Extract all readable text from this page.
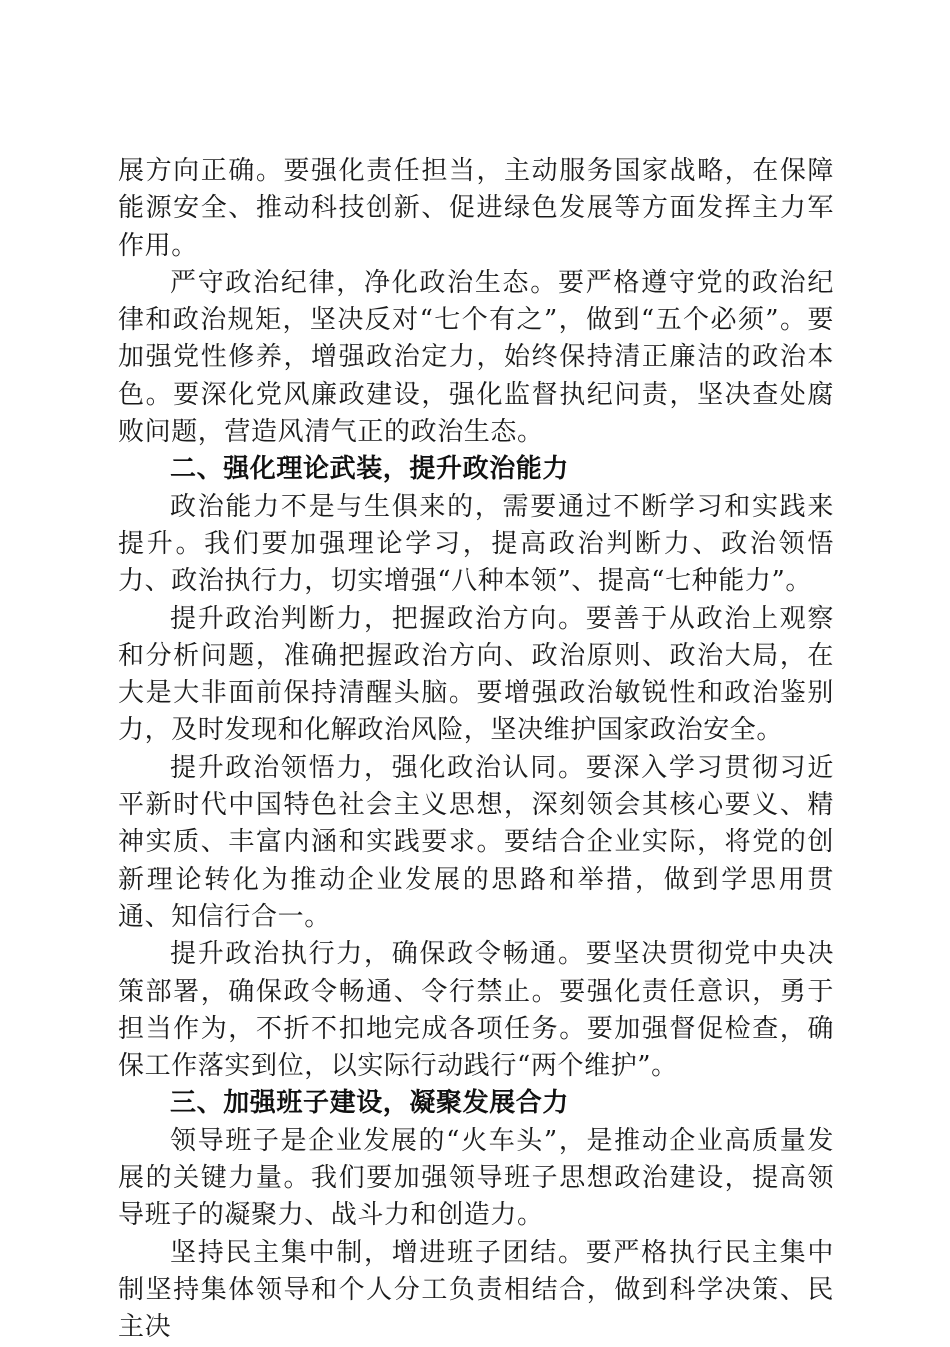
展方向正确。要强化责任担当，主动服务国家战略，在保障能源安全、推动科技创新、促进绿色发展等方面发挥主力军作用。

严守政治纪律，净化政治生态。要严格遵守党的政治纪律和政治规矩，坚决反对“七个有之”，做到“五个必须”。要加强党性修养，增强政治定力，始终保持清正廉洁的政治本色。要深化党风廉政建设，强化监督执纪问责，坚决查处腐败问题，营造风清气正的政治生态。

二、强化理论武装，提升政治能力

政治能力不是与生俱来的，需要通过不断学习和实践来提升。我们要加强理论学习，提高政治判断力、政治领悟力、政治执行力，切实增强“八种本领”、提高“七种能力”。

提升政治判断力，把握政治方向。要善于从政治上观察和分析问题，准确把握政治方向、政治原则、政治大局，在大是大非面前保持清醒头脑。要增强政治敏锐性和政治鉴别力，及时发现和化解政治风险，坚决维护国家政治安全。

提升政治领悟力，强化政治认同。要深入学习贯彻习近平新时代中国特色社会主义思想，深刻领会其核心要义、精神实质、丰富内涵和实践要求。要结合企业实际，将党的创新理论转化为推动企业发展的思路和举措，做到学思用贯通、知信行合一。

提升政治执行力，确保政令畅通。要坚决贯彻党中央决策部署，确保政令畅通、令行禁止。要强化责任意识，勇于担当作为，不折不扣地完成各项任务。要加强督促检查，确保工作落实到位，以实际行动践行“两个维护”。

三、加强班子建设，凝聚发展合力

领导班子是企业发展的“火车头”，是推动企业高质量发展的关键力量。我们要加强领导班子思想政治建设，提高领导班子的凝聚力、战斗力和创造力。

坚持民主集中制，增进班子团结。要严格执行民主集中制坚持集体领导和个人分工负责相结合，做到科学决策、民主决
